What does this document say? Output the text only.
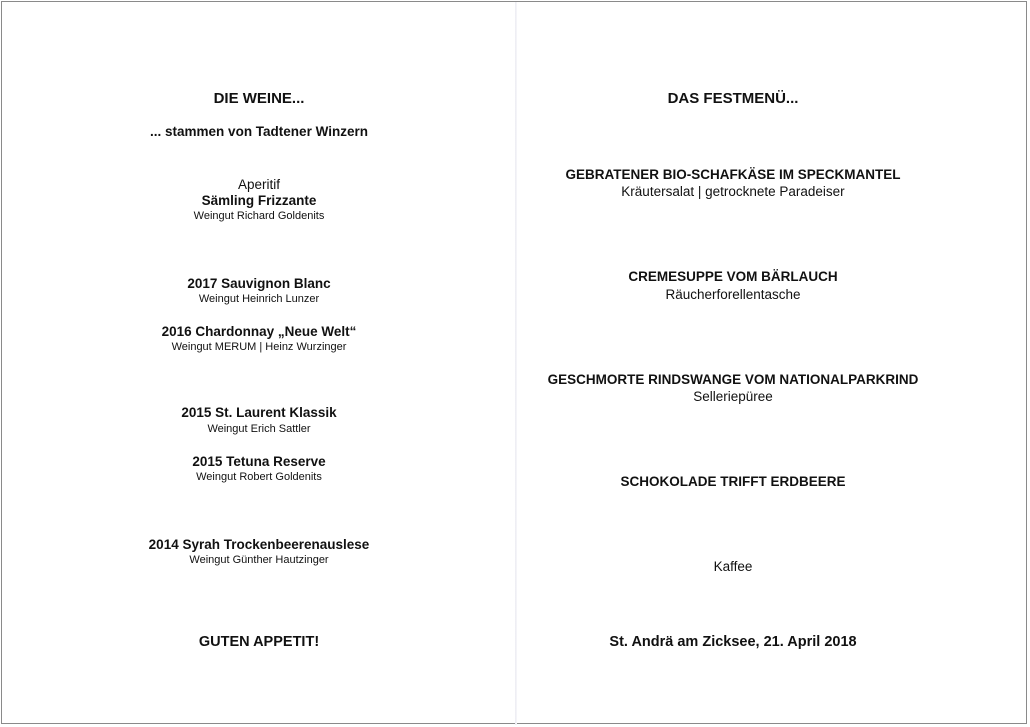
DIE WEINE...
... stammen von Tadtener Winzern
Aperitif
Sämling Frizzante
Weingut Richard Goldenits
2017 Sauvignon Blanc
Weingut Heinrich Lunzer
2016 Chardonnay „Neue Welt“
Weingut MERUM | Heinz Wurzinger
2015 St. Laurent Klassik
Weingut Erich Sattler
2015 Tetuna Reserve
Weingut Robert Goldenits
2014 Syrah Trockenbeerenauslese
Weingut Günther Hautzinger
GUTEN APPETIT!
DAS FESTMENÜ...
GEBRATENER BIO-SCHAFKÄSE IM SPECKMANTEL
Kräutersalat | getrocknete Paradeiser
CREMESUPPE VOM BÄRLAUCH
Räucherforellentasche
GESCHMORTE RINDSWANGE VOM NATIONALPARKRIND
Selleriepüree
SCHOKOLADE TRIFFT ERDBEERE
Kaffee
St. Andrä am Zicksee, 21. April 2018
